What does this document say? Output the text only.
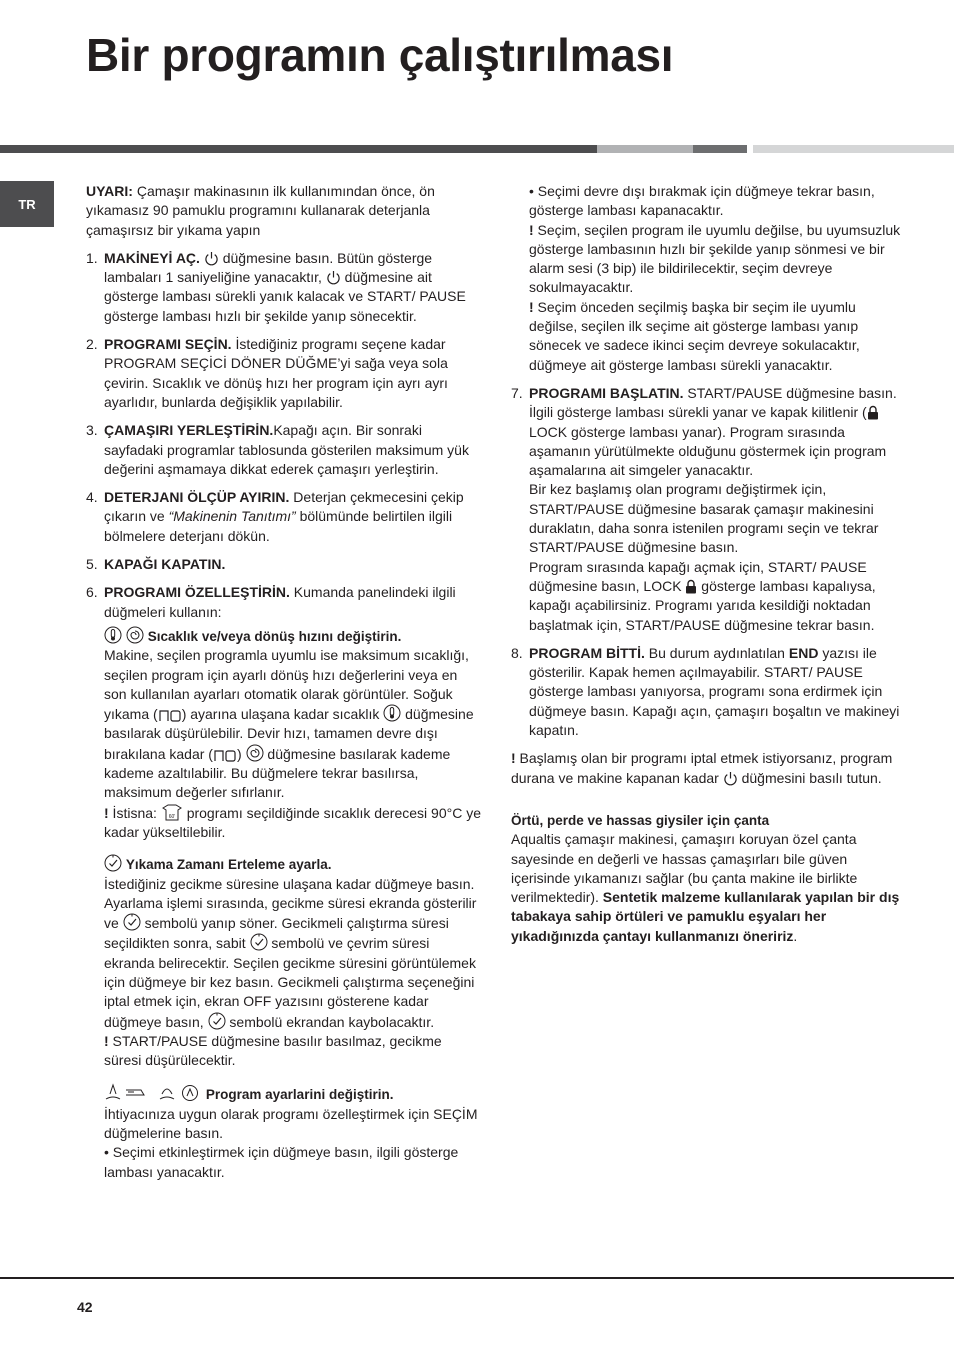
Bir programın çalıştırılması
TR

UYARI: Çamaşır makinasının ilk kullanımından önce, ön yıkamasız 90 pamuklu programını kullanarak deterjanla çamaşırsız bir yıkama yapın

1. MAKİNEYİ AÇ.
düğmesine basın. Bütün gösterge lambaları 1 saniyeliğine yanacaktır,
düğmesine ait gösterge lambası sürekli yanık kalacak ve START/ PAUSE gösterge lambası hızlı bir şekilde yanıp sönecektir.
2. PROGRAMI SEÇİN. İstediğiniz programı seçene kadar PROGRAM SEÇİCİ DÖNER DÜĞME’yi sağa veya sola çevirin. Sıcaklık ve dönüş hızı her program için ayrı ayrı ayarlıdır, bunlarda değişiklik yapılabilir.
3. ÇAMAŞIRI YERLEŞTİRİN.Kapağı açın. Bir sonraki sayfadaki programlar tablosunda gösterilen maksimum yük değerini aşmamaya dikkat ederek çamaşırı yerleştirin.
4. DETERJANI ÖLÇÜP AYIRIN. Deterjan çekmecesini çekip çıkarın ve “Makinenin Tanıtımı” bölümünde belirtilen ilgili bölmelere deterjanı dökün.
5. KAPAĞI KAPATIN.
6. PROGRAMI ÖZELLEŞTİRİN. Kumanda panelindeki ilgili düğmeleri kullanın:

Sıcaklık ve/veya dönüş hızını değiştirin.

Makine, seçilen programla uyumlu ise maksimum sıcaklığı, seçilen program için ayarlı dönüş hızı değerlerini veya en son kullanılan ayarları otomatik olarak görüntüler. Soğuk yıkama ( ) ayarına ulaşana kadar sıcaklık
düğmesine basılarak düşürülebilir. Devir hızı, tamamen devre dışı bırakılana kadar ( )
düğmesine basılarak kademe kademe azaltılabilir. Bu düğmelere tekrar basılırsa, maksimum değerler sıfırlanır.

! İstisna: 60' programı seçildiğinde sıcaklık derecesi 90°C ye kadar yükseltilebilir.

Yıkama Zamanı Erteleme ayarla.

İstediğiniz gecikme süresine ulaşana kadar düğmeye basın. Ayarlama işlemi sırasında, gecikme süresi ekranda gösterilir ve
sembolü yanıp söner. Gecikmeli çalıştırma süresi seçildikten sonra, sabit
sembolü ve çevrim süresi ekranda belirecektir. Seçilen gecikme süresini görüntülemek için düğmeye bir kez basın. Gecikmeli çalıştırma seçeneğini iptal etmek için, ekran OFF yazısını gösterene kadar düğmeye basın,
sembolü ekrandan kaybolacaktır.

! START/PAUSE düğmesine basılır basılmaz, gecikme süresi düşürülecektir.

Program ayarlarini değiştirin.

İhtiyacınıza uygun olarak programı özelleştirmek için SEÇİM düğmelerine basın.

• Seçimi etkinleştirmek için düğmeye basın, ilgili gösterge lambası yanacaktır.

• Seçimi devre dışı bırakmak için düğmeye tekrar basın, gösterge lambası kapanacaktır.

! Seçim, seçilen program ile uyumlu değilse, bu uyumsuzluk gösterge lambasının hızlı bir şekilde yanıp sönmesi ve bir alarm sesi (3 bip) ile bildirilecektir, seçim devreye sokulmayacaktır.

! Seçim önceden seçilmiş başka bir seçim ile uyumlu değilse, seçilen ilk seçime ait gösterge lambası yanıp sönecek ve sadece ikinci seçim devreye sokulacaktır, düğmeye ait gösterge lambası sürekli yanacaktır.

7. PROGRAMI BAŞLATIN. START/PAUSE düğmesine basın. İlgili gösterge lambası sürekli yanar ve kapak kilitlenir (
LOCK gösterge lambası yanar). Program sırasında aşamanın yürütülmekte olduğunu göstermek için program aşamalarına ait simgeler yanacaktır.

Bir kez başlamış olan programı değiştirmek için, START/PAUSE düğmesine basarak çamaşır makinesini duraklatın, daha sonra istenilen programı seçin ve tekrar START/PAUSE düğmesine basın.

Program sırasında kapağı açmak için, START/ PAUSE düğmesine basın, LOCK
gösterge lambası kapalıysa, kapağı açabilirsiniz. Programı yarıda kesildiği noktadan başlatmak için, START/PAUSE düğmesine tekrar basın.

8. PROGRAM BİTTİ. Bu durum aydınlatılan END yazısı ile gösterilir. Kapak hemen açılmayabilir. START/ PAUSE gösterge lambası yanıyorsa, programı sona erdirmek için düğmeye basın. Kapağı açın, çamaşırı boşaltın ve makineyi kapatın.

! Başlamış olan bir programı iptal etmek istiyorsanız, program durana ve makine kapanan kadar
düğmesini basılı tutun.

Örtü, perde ve hassas giysiler için çanta

Aqualtis çamaşır makinesi, çamaşırı koruyan özel çanta sayesinde en değerli ve hassas çamaşırları bile güven içerisinde yıkamanızı sağlar (bu çanta makine ile birlikte verilmektedir). Sentetik malzeme kullanılarak yapılan bir dış tabakaya sahip örtüleri ve pamuklu eşyaları her yıkadığınızda çantayı kullanmanızı öneririz.

42
